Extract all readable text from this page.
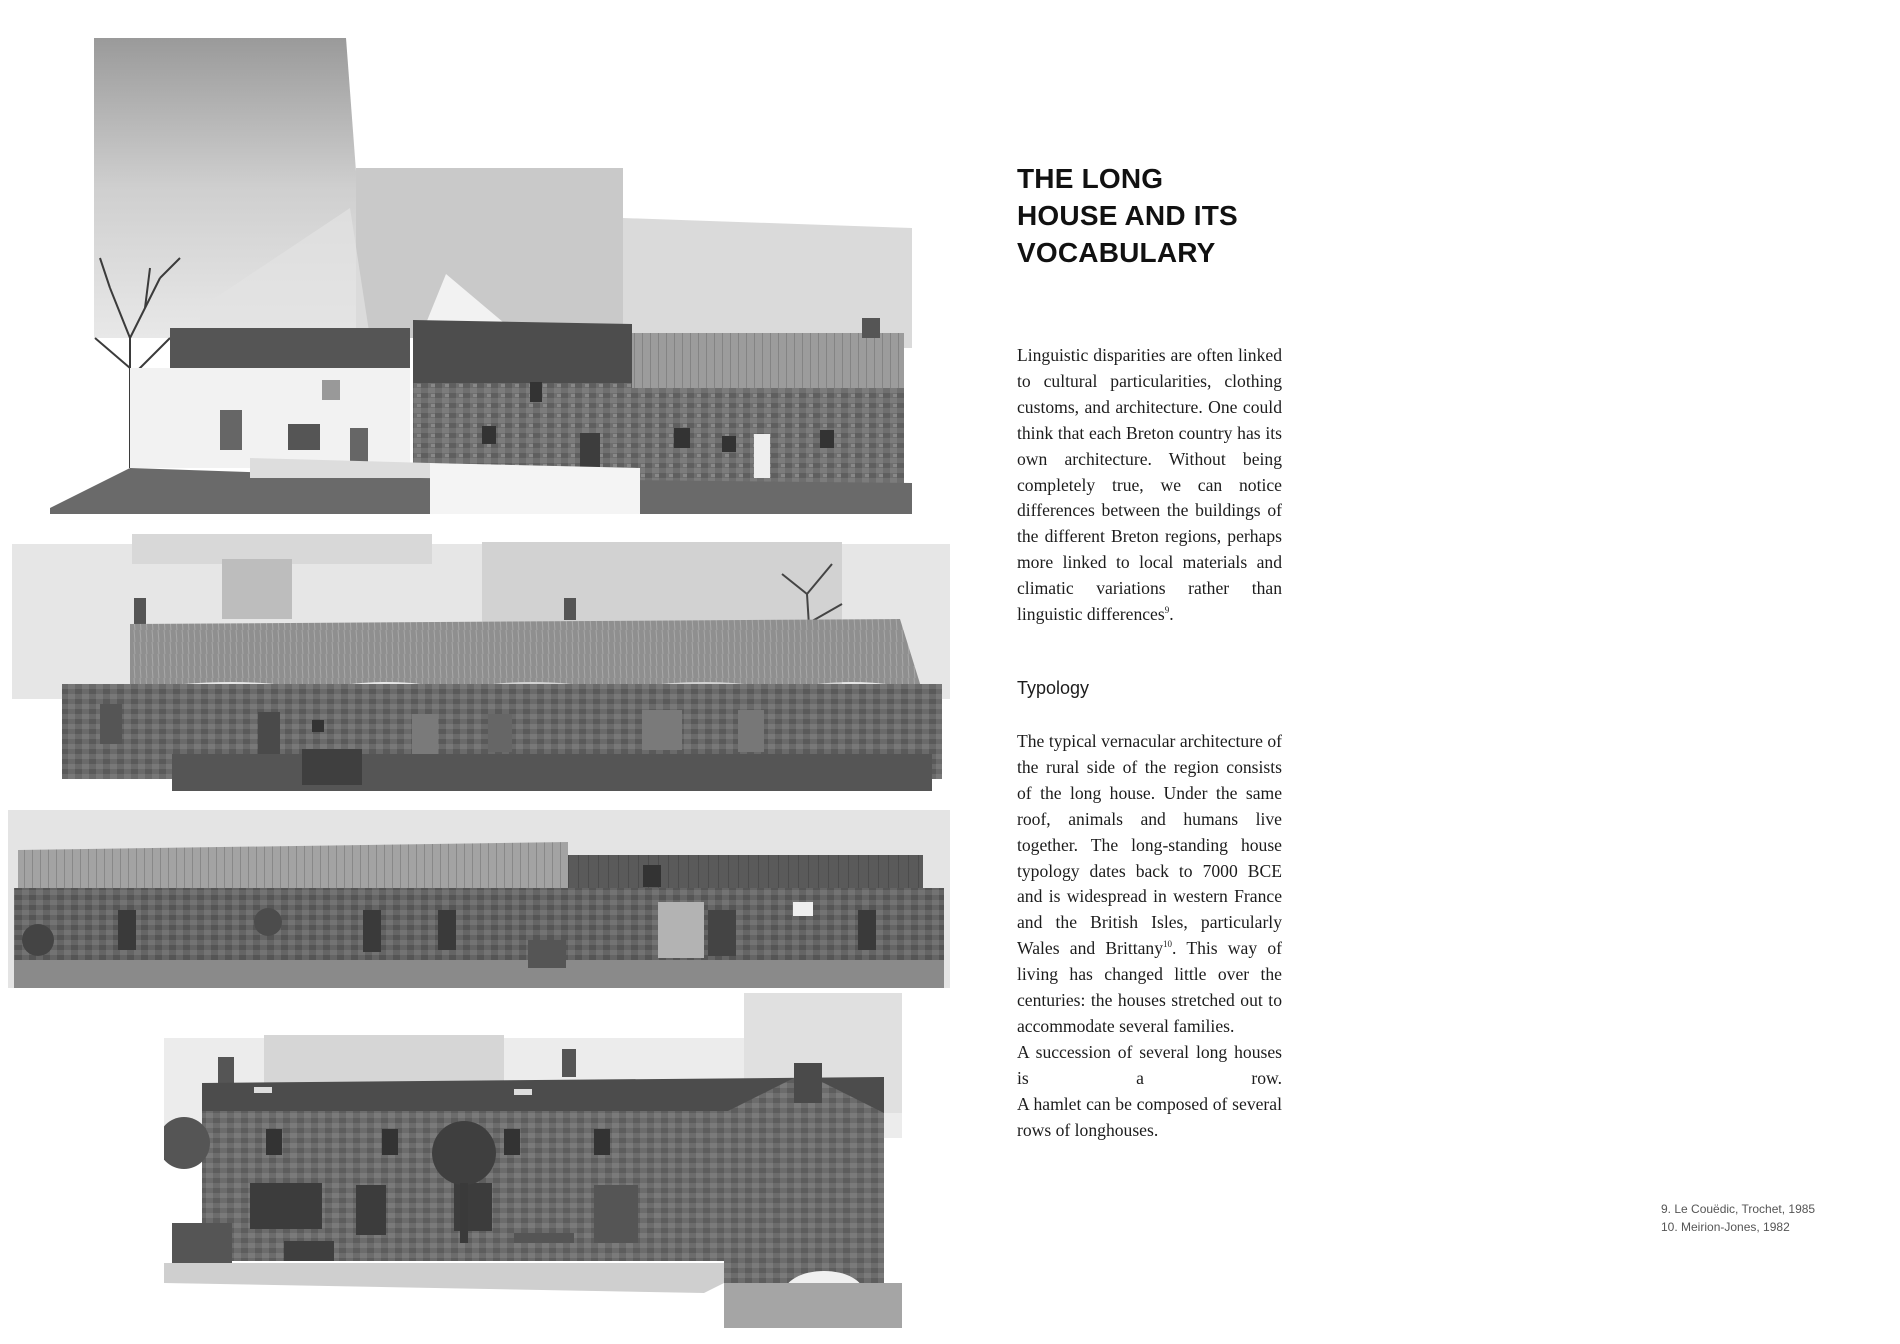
THE LONG
HOUSE AND ITS
VOCABULARY

Linguistic disparities are often linked to cultural particularities, clothing customs, and architecture. One could think that each Breton country has its own architecture. Without being completely true, we can notice differences between the buildings of the different Breton regions, perhaps more linked to local materials and climatic variations rather than linguistic differences$^9$.

Typology
The typical vernacular architecture of the rural side of the region consists of the long house. Under the same roof, animals and humans live together. The long-standing house typology dates back to 7000 BCE and is widespread in western France and the British Isles, particularly Wales and Brittany$^{10}$. This way of living has changed little over the centuries: the houses stretched out to accommodate several families.
A succession of several long houses is a row.
A hamlet can be composed of several rows of longhouses.
9. Le Couëdic, Trochet, 1985
10. Meirion-Jones, 1982
